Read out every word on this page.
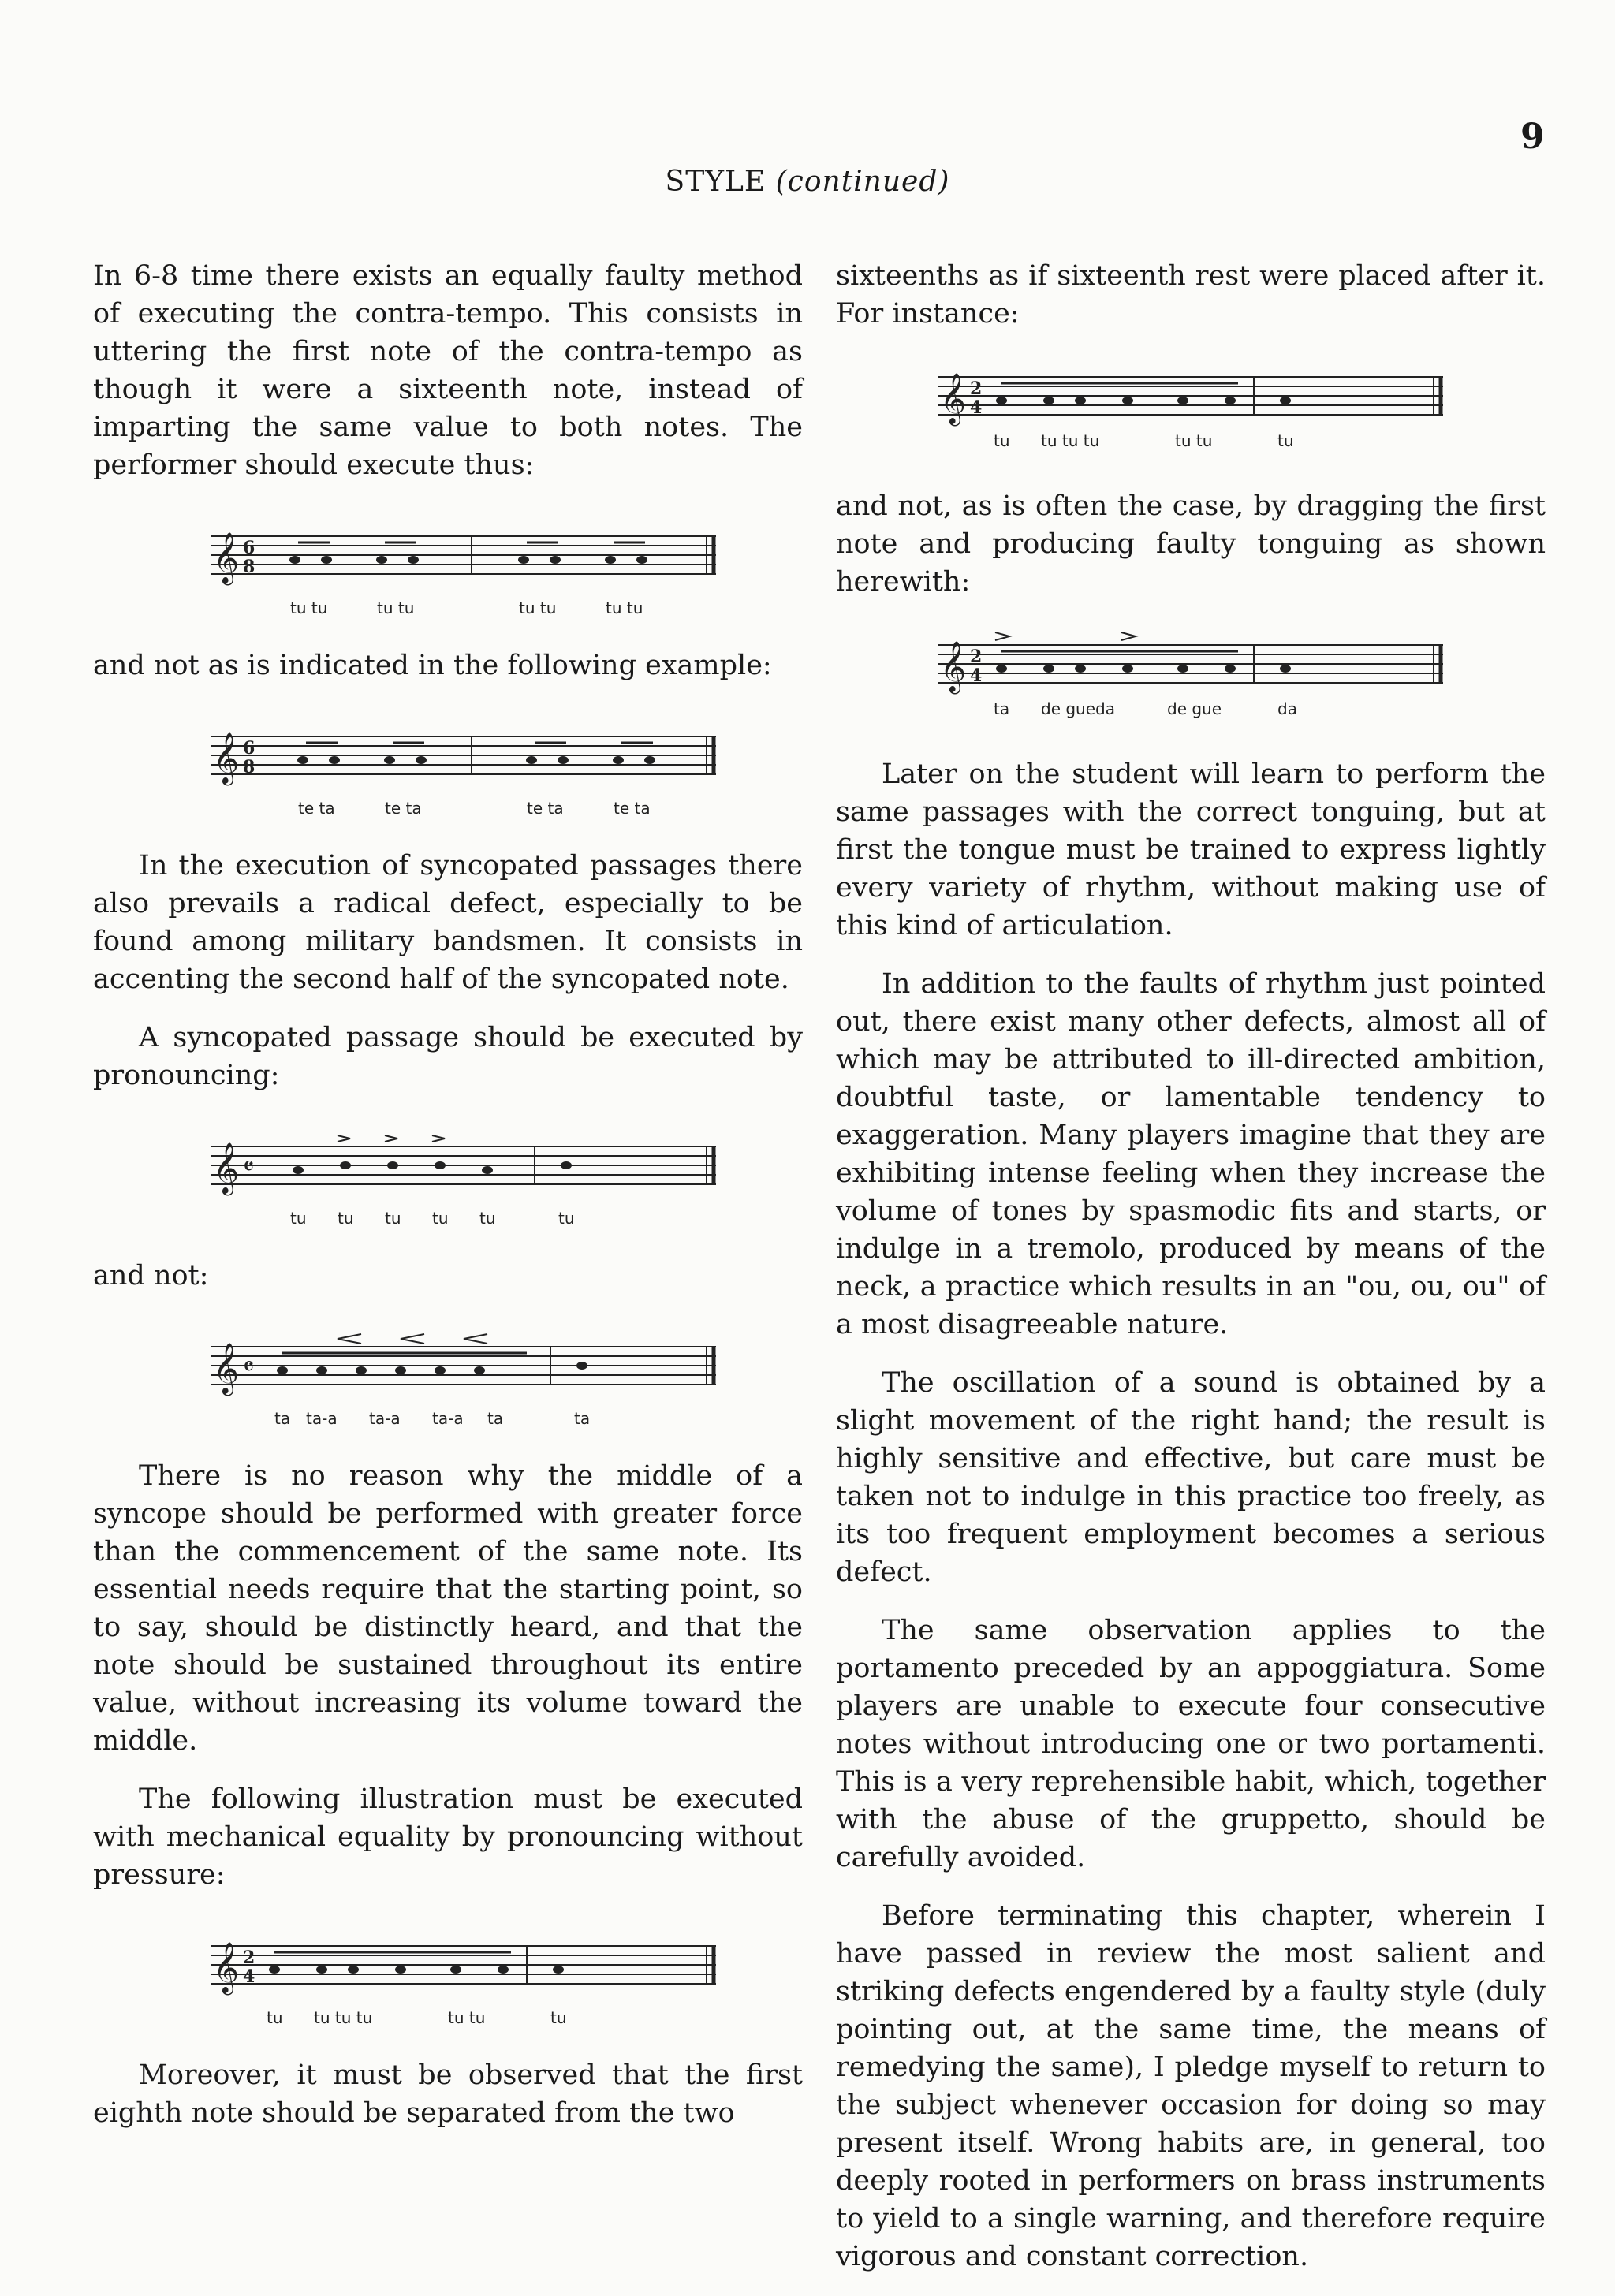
9
STYLE (continued)

In 6-8 time there exists an equally faulty method of executing the contra-tempo. This consists in uttering the first note of the contra-tempo as though it were a sixteenth note, instead of imparting the same value to both notes. The performer should execute thus:

𝄞 6
8
tu tu	tu tu	tu tu	tu tu

and not as is indicated in the following example:

𝄞 6
8
te ta	te ta	te ta	te ta

In the execution of syncopated passages there also prevails a radical defect, especially to be found among military bandsmen. It consists in accenting the second half of the syncopated note.

A syncopated passage should be executed by pronouncing:

𝄞 𝄴
tu tu tu tu tu	tu

and not:

𝄞 𝄴
ta ta-a ta-a ta-a ta	ta

There is no reason why the middle of a syncope should be performed with greater force than the commencement of the same note. Its essential needs require that the starting point, so to say, should be distinctly heard, and that the note should be sustained throughout its entire value, without increasing its volume toward the middle.

The following illustration must be executed with mechanical equality by pronouncing without pressure:

𝄞 2
4
tu tu tu tu	tu tu	tu

Moreover, it must be observed that the first eighth note should be separated from the two

sixteenths as if sixteenth rest were placed after it. For instance:

𝄞 2
4
tu tu tu tu	tu tu	tu

and not, as is often the case, by dragging the first note and producing faulty tonguing as shown herewith:

𝄞 2
4
ta de gueda	de gue	da

Later on the student will learn to perform the same passages with the correct tonguing, but at first the tongue must be trained to express lightly every variety of rhythm, without making use of this kind of articulation.

In addition to the faults of rhythm just pointed out, there exist many other defects, almost all of which may be attributed to ill-directed ambition, doubtful taste, or lamentable tendency to exaggeration. Many players imagine that they are exhibiting intense feeling when they increase the volume of tones by spasmodic fits and starts, or indulge in a tremolo, produced by means of the neck, a practice which results in an "ou, ou, ou" of a most disagreeable nature.

The oscillation of a sound is obtained by a slight movement of the right hand; the result is highly sensitive and effective, but care must be taken not to indulge in this practice too freely, as its too frequent employment becomes a serious defect.

The same observation applies to the portamento preceded by an appoggiatura. Some players are unable to execute four consecutive notes without introducing one or two portamenti. This is a very reprehensible habit, which, together with the abuse of the gruppetto, should be carefully avoided.

Before terminating this chapter, wherein I have passed in review the most salient and striking defects engendered by a faulty style (duly pointing out, at the same time, the means of remedying the same), I pledge myself to return to the subject whenever occasion for doing so may present itself. Wrong habits are, in general, too deeply rooted in performers on brass instruments to yield to a single warning, and therefore require vigorous and constant correction.
